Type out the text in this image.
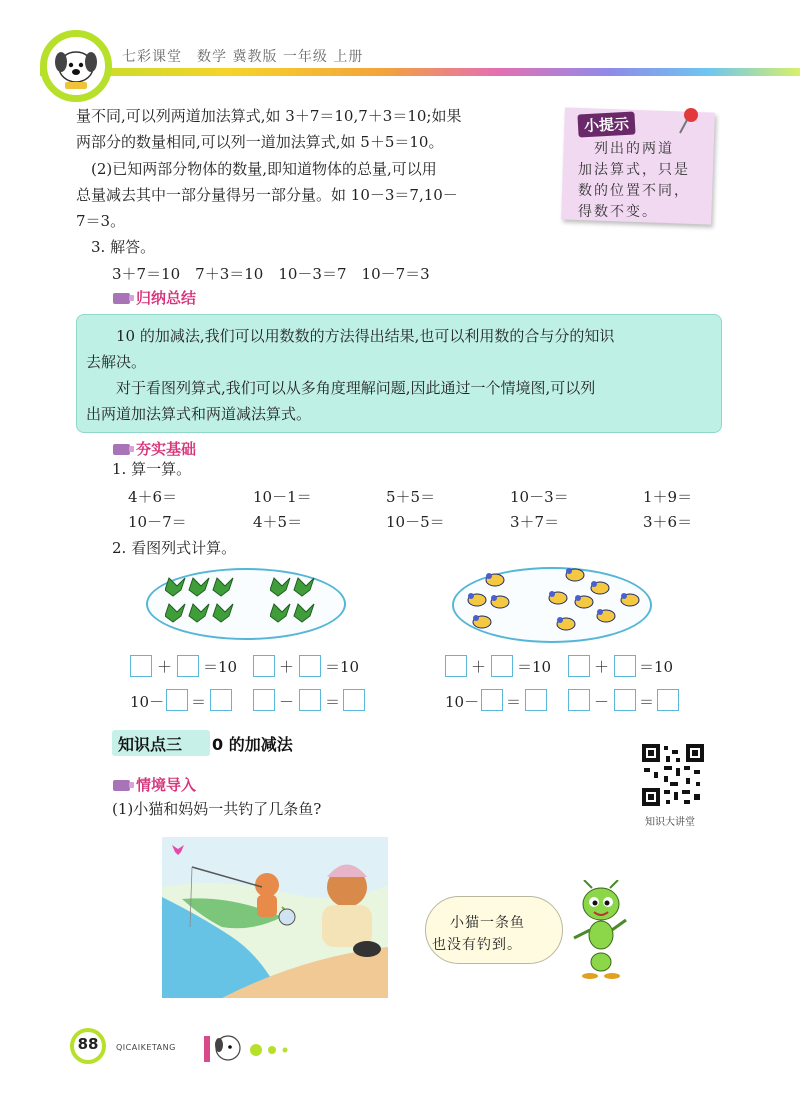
七彩课堂　数学 冀教版 一年级 上册
量不同,可以列两道加法算式,如 3＋7＝10,7＋3＝10;如果
两部分的数量相同,可以列一道加法算式,如 5＋5＝10。
　(2)已知两部分物体的数量,即知道物体的总量,可以用
总量减去其中一部分量得另一部分量。如 10－3＝7,10－
7＝3。
　3. 解答。
3＋7＝10　7＋3＝10　10－3＝7　10－7＝3
小提示
　列出的两道
加法算式，只是
数的位置不同，
得数不变。
归纳总结
　　10 的加减法,我们可以用数数的方法得出结果,也可以利用数的合与分的知识
去解决。
　　对于看图列算式,我们可以从多角度理解问题,因此通过一个情境图,可以列
出两道加法算式和两道减法算式。
夯实基础
1. 算一算。
4＋6＝	10－1＝	5＋5＝	10－3＝	1＋9＝
10－7＝	4＋5＝	10－5＝	3＋7＝	3＋6＝
2. 看图列式计算。
＋ ＝10	＋ ＝10
10－ ＝	－ ＝
＋ ＝10	＋ ＝10
10－ ＝	－ ＝
知识点三 0 的加减法
知识大讲堂
情境导入
(1)小猫和妈妈一共钓了几条鱼?
小猫一条鱼
也没有钓到。
88	QICAIKETANG
